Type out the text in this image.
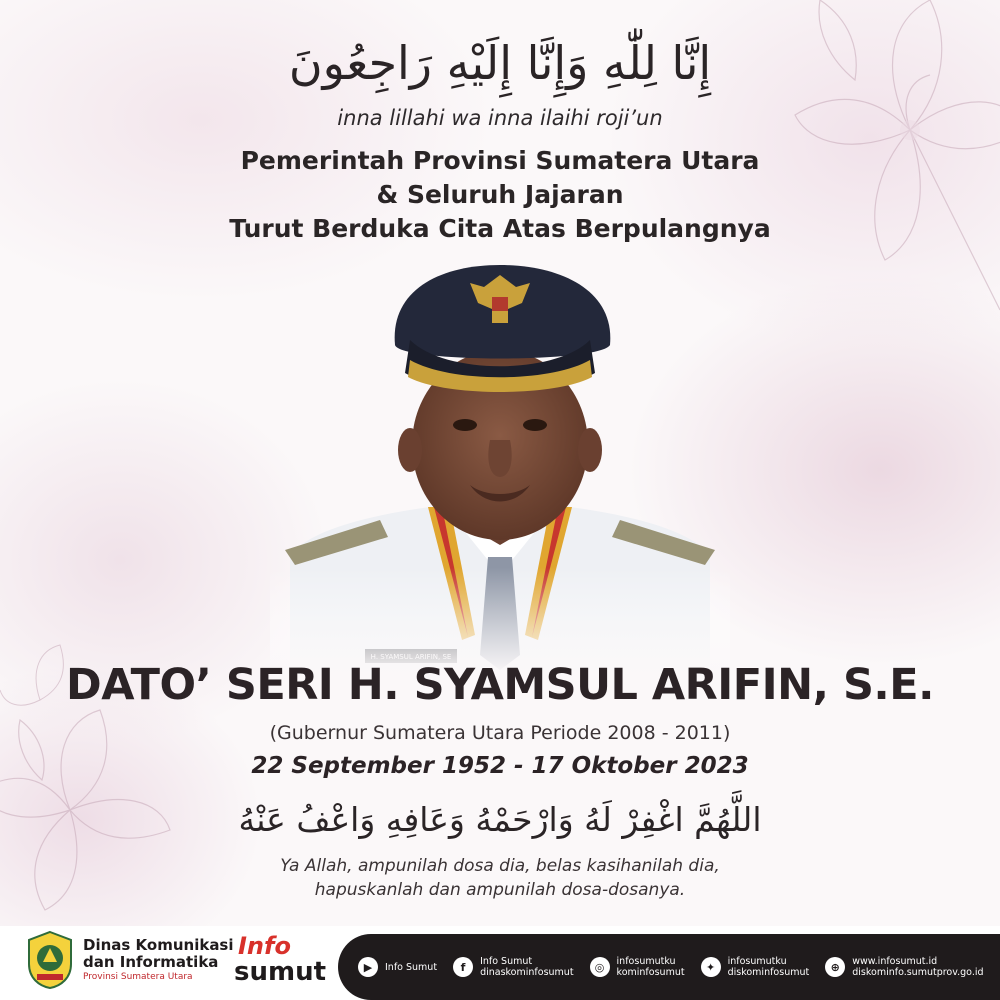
إِنَّا لِلّٰهِ وَإِنَّا إِلَيْهِ رَاجِعُونَ
inna lillahi wa inna ilaihi roji’un
Pemerintah Provinsi Sumatera Utara
& Seluruh Jajaran
Turut Berduka Cita Atas Berpulangnya
DATO’ SERI H. SYAMSUL ARIFIN, S.E.
(Gubernur Sumatera Utara Periode 2008 - 2011)
22 September 1952 - 17 Oktober 2023
اللَّهُمَّ اغْفِرْ لَهُ وَارْحَمْهُ وَعَافِهِ وَاعْفُ عَنْهُ
Ya Allah, ampunilah dosa dia, belas kasihanilah dia,
hapuskanlah dan ampunilah dosa-dosanya.
Dinas Komunikasi
dan Informatika
Provinsi Sumatera Utara
Info
sumut	▶	Info Sumut	f	Info Sumut
dinaskominfosumut	◎	infosumutku
kominfosumut	✦	infosumutku
diskominfosumut	⊕	www.infosumut.id
diskominfo.sumutprov.go.id
